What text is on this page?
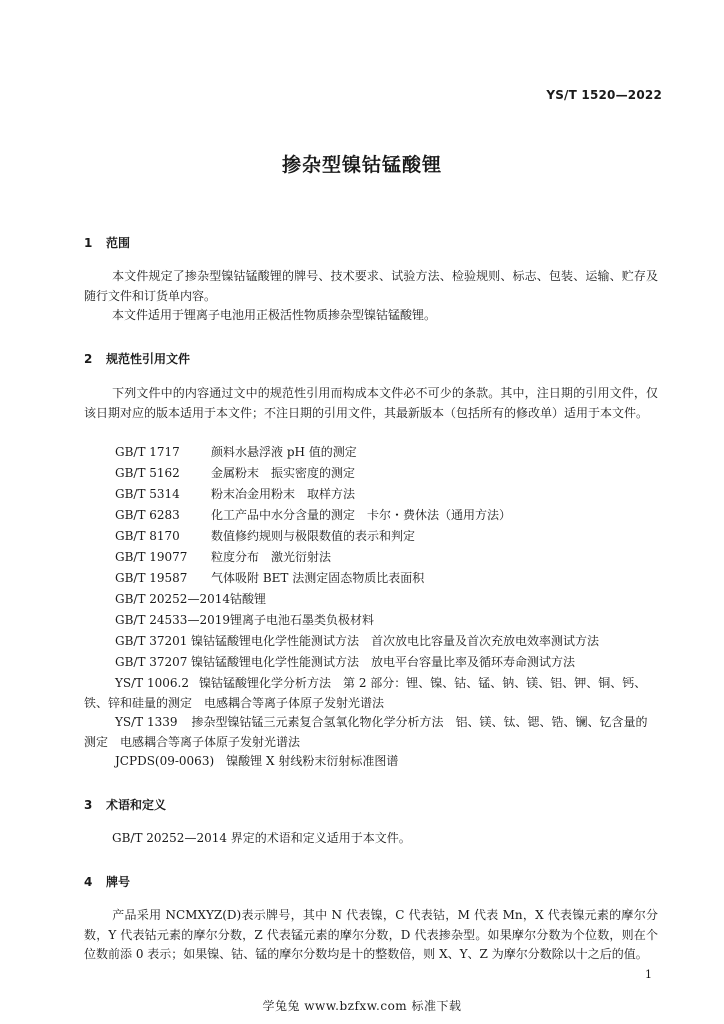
YS/T 1520—2022
掺杂型镍钴锰酸锂
1 范围
本文件规定了掺杂型镍钴锰酸锂的牌号、技术要求、试验方法、检验规则、标志、包装、运输、贮存及随行文件和订货单内容。
本文件适用于锂离子电池用正极活性物质掺杂型镍钴锰酸锂。
2 规范性引用文件
下列文件中的内容通过文中的规范性引用而构成本文件必不可少的条款。其中，注日期的引用文件，仅该日期对应的版本适用于本文件；不注日期的引用文件，其最新版本（包括所有的修改单）适用于本文件。
GB/T 1717	颜料水悬浮液 pH 值的测定
GB/T 5162	金属粉末　振实密度的测定
GB/T 5314	粉末冶金用粉末　取样方法
GB/T 6283	化工产品中水分含量的测定　卡尔・费休法（通用方法）
GB/T 8170	数值修约规则与极限数值的表示和判定
GB/T 19077 粒度分布　激光衍射法
GB/T 19587 气体吸附 BET 法测定固态物质比表面积
GB/T 20252—2014钴酸锂
GB/T 24533—2019锂离子电池石墨类负极材料
GB/T 37201 镍钴锰酸锂电化学性能测试方法　首次放电比容量及首次充放电效率测试方法
GB/T 37207 镍钴锰酸锂电化学性能测试方法　放电平台容量比率及循环寿命测试方法
YS/T 1006.2 镍钴锰酸锂化学分析方法　第 2 部分：锂、镍、钴、锰、钠、镁、铝、钾、铜、钙、铁、锌和硅量的测定　电感耦合等离子体原子发射光谱法
YS/T 1339 掺杂型镍钴锰三元素复合氢氧化物化学分析方法　铝、镁、钛、锶、锆、镧、钇含量的测定　电感耦合等离子体原子发射光谱法
JCPDS(09-0063) 镍酸锂 X 射线粉末衍射标准图谱
3 术语和定义
GB/T 20252—2014 界定的术语和定义适用于本文件。
4 牌号
产品采用 NCMXYZ(D)表示牌号，其中 N 代表镍，C 代表钴，M 代表 Mn，X 代表镍元素的摩尔分数，Y 代表钴元素的摩尔分数，Z 代表锰元素的摩尔分数，D 代表掺杂型。如果摩尔分数为个位数，则在个位数前添 0 表示；如果镍、钴、锰的摩尔分数均是十的整数倍，则 X、Y、Z 为摩尔分数除以十之后的值。
1
学兔兔 www.bzfxw.com 标准下载
